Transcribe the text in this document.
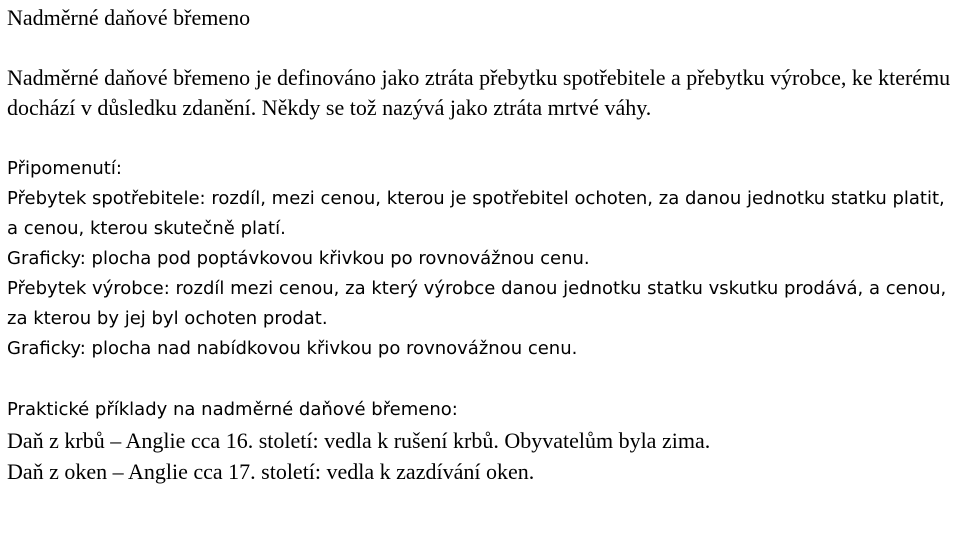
Nadměrné daňové břemeno

Nadměrné daňové břemeno je definováno jako ztráta přebytku spotřebitele a přebytku výrobce, ke kterému dochází v důsledku zdanění. Někdy se tož nazývá jako ztráta mrtvé váhy.

Připomenutí:

Přebytek spotřebitele: rozdíl, mezi cenou, kterou je spotřebitel ochoten, za danou jednotku statku platit, a cenou, kterou skutečně platí.

Graficky: plocha pod poptávkovou křivkou po rovnovážnou cenu.

Přebytek výrobce: rozdíl mezi cenou, za který výrobce danou jednotku statku vskutku prodává, a cenou, za kterou by jej byl ochoten prodat.

Graficky: plocha nad nabídkovou křivkou po rovnovážnou cenu.

Praktické příklady na nadměrné daňové břemeno:

Daň z krbů – Anglie cca 16. století: vedla k rušení krbů. Obyvatelům byla zima.

Daň z oken – Anglie cca 17. století: vedla k zazdívání oken.
